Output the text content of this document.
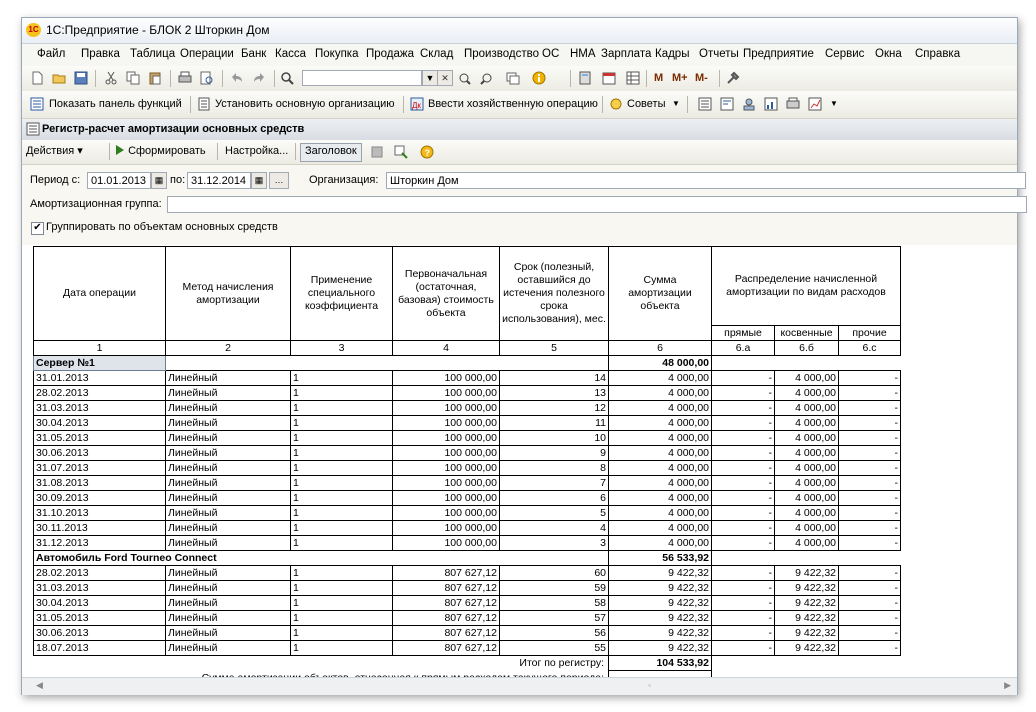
1С 1С:Предприятие - БЛОК 2 Шторкин Дом
Файл Правка Таблица Операции Банк Касса Покупка Продажа Склад Производство ОС НМА Зарплата Кадры Отчеты Предприятие Сервис Окна Справка
▼ ✕	M M+ M-
Показать панель функций	Установить основную организацию Дк Ввести хозяйственную операцию	Советы ▼	▼
Регистр-расчет амортизации основных средств
Действия ▾	Сформировать Настройка...	Заголовок	?
Период с: 01.01.2013 ▦ по: 31.12.2014 ▦	…	Организация:	Шторкин Дом
Амортизационная группа:
✔ Группировать по объектам основных средств
Дата операции	Метод начисления амортизации	Применение специального коэффициента	Первоначальная (остаточная, базовая) стоимость объекта	Срок (полезный, оставшийся до истечения полезного срока использования), мес.	Сумма амортизации объекта	Распределение начисленной амортизации по видам расходов		
						прямые	косвенные	прочие
1	2	3	4	5	6	6.а	6.б	6.с
Сервер №1					48 000,00			
31.01.2013	Линейный	1	100 000,00	14	4 000,00	-	4 000,00	-
28.02.2013	Линейный	1	100 000,00	13	4 000,00	-	4 000,00	-
31.03.2013	Линейный	1	100 000,00	12	4 000,00	-	4 000,00	-
30.04.2013	Линейный	1	100 000,00	11	4 000,00	-	4 000,00	-
31.05.2013	Линейный	1	100 000,00	10	4 000,00	-	4 000,00	-
30.06.2013	Линейный	1	100 000,00	9	4 000,00	-	4 000,00	-
31.07.2013	Линейный	1	100 000,00	8	4 000,00	-	4 000,00	-
31.08.2013	Линейный	1	100 000,00	7	4 000,00	-	4 000,00	-
30.09.2013	Линейный	1	100 000,00	6	4 000,00	-	4 000,00	-
31.10.2013	Линейный	1	100 000,00	5	4 000,00	-	4 000,00	-
30.11.2013	Линейный	1	100 000,00	4	4 000,00	-	4 000,00	-
31.12.2013	Линейный	1	100 000,00	3	4 000,00	-	4 000,00	-
Автомобиль Ford Tourneo Connect					56 533,92			
28.02.2013	Линейный	1	807 627,12	60	9 422,32	-	9 422,32	-
31.03.2013	Линейный	1	807 627,12	59	9 422,32	-	9 422,32	-
30.04.2013	Линейный	1	807 627,12	58	9 422,32	-	9 422,32	-
31.05.2013	Линейный	1	807 627,12	57	9 422,32	-	9 422,32	-
30.06.2013	Линейный	1	807 627,12	56	9 422,32	-	9 422,32	-
18.07.2013	Линейный	1	807 627,12	55	9 422,32	-	9 422,32	-
Итог по регистру:					104 533,92			

◀	▫	▶
